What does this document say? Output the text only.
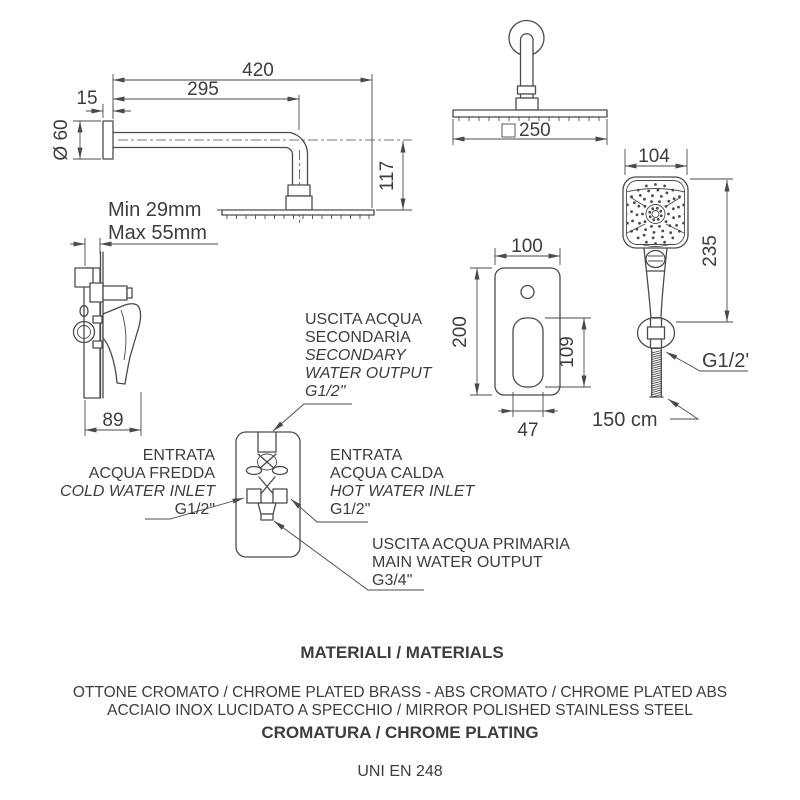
420
295
15
Ø 60
117
Min 29mm
Max 55mm
250
104
235
G1/2'
150 cm
100
200
109
47
89
USCITA ACQUA
SECONDARIA
SECONDARY
WATER OUTPUT
G1/2"
ENTRATA
ACQUA FREDDA
COLD WATER INLET
G1/2"
ENTRATA
ACQUA CALDA
HOT WATER INLET
G1/2"
USCITA ACQUA PRIMARIA
MAIN WATER OUTPUT
G3/4"
MATERIALI / MATERIALS
OTTONE CROMATO / CHROME PLATED BRASS - ABS CROMATO / CHROME PLATED ABS
ACCIAIO INOX LUCIDATO A SPECCHIO / MIRROR POLISHED STAINLESS STEEL
CROMATURA / CHROME PLATING
UNI EN 248
